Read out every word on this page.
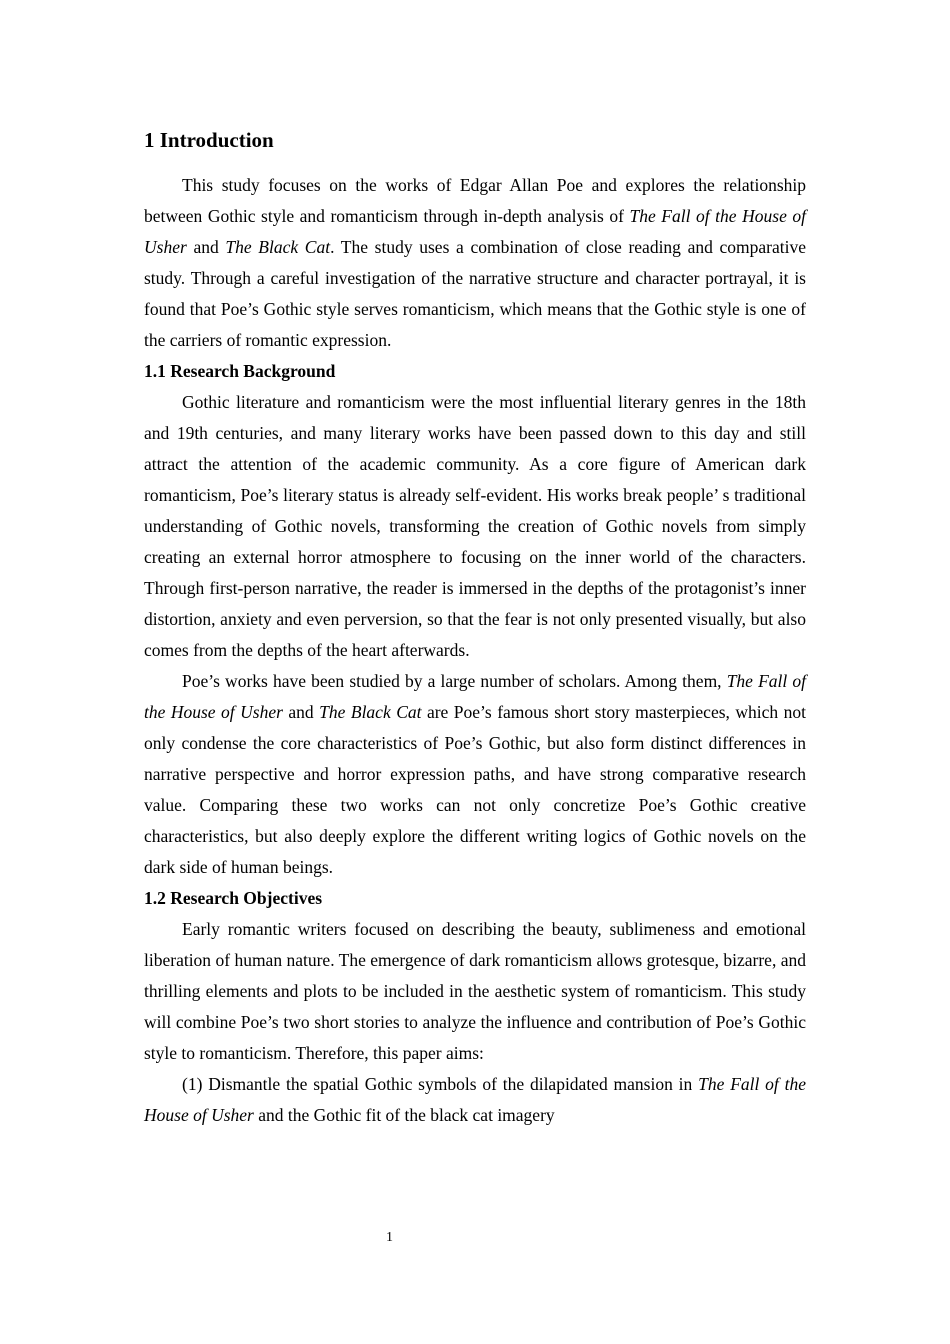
1 Introduction

This study focuses on the works of Edgar Allan Poe and explores the relationship between Gothic style and romanticism through in-depth analysis of The Fall of the House of Usher and The Black Cat. The study uses a combination of close reading and comparative study. Through a careful investigation of the narrative structure and character portrayal, it is found that Poe’s Gothic style serves romanticism, which means that the Gothic style is one of the carriers of romantic expression.

1.1 Research Background

Gothic literature and romanticism were the most influential literary genres in the 18th and 19th centuries, and many literary works have been passed down to this day and still attract the attention of the academic community. As a core figure of American dark romanticism, Poe’s literary status is already self-evident. His works break people’ s traditional understanding of Gothic novels, transforming the creation of Gothic novels from simply creating an external horror atmosphere to focusing on the inner world of the characters. Through first-person narrative, the reader is immersed in the depths of the protagonist’s inner distortion, anxiety and even perversion, so that the fear is not only presented visually, but also comes from the depths of the heart afterwards.

Poe’s works have been studied by a large number of scholars. Among them, The Fall of the House of Usher and The Black Cat are Poe’s famous short story masterpieces, which not only condense the core characteristics of Poe’s Gothic, but also form distinct differences in narrative perspective and horror expression paths, and have strong comparative research value. Comparing these two works can not only concretize Poe’s Gothic creative characteristics, but also deeply explore the different writing logics of Gothic novels on the dark side of human beings.

1.2 Research Objectives

Early romantic writers focused on describing the beauty, sublimeness and emotional liberation of human nature. The emergence of dark romanticism allows grotesque, bizarre, and thrilling elements and plots to be included in the aesthetic system of romanticism. This study will combine Poe’s two short stories to analyze the influence and contribution of Poe’s Gothic style to romanticism. Therefore, this paper aims:

(1) Dismantle the spatial Gothic symbols of the dilapidated mansion in The Fall of the House of Usher and the Gothic fit of the black cat imagery

1
